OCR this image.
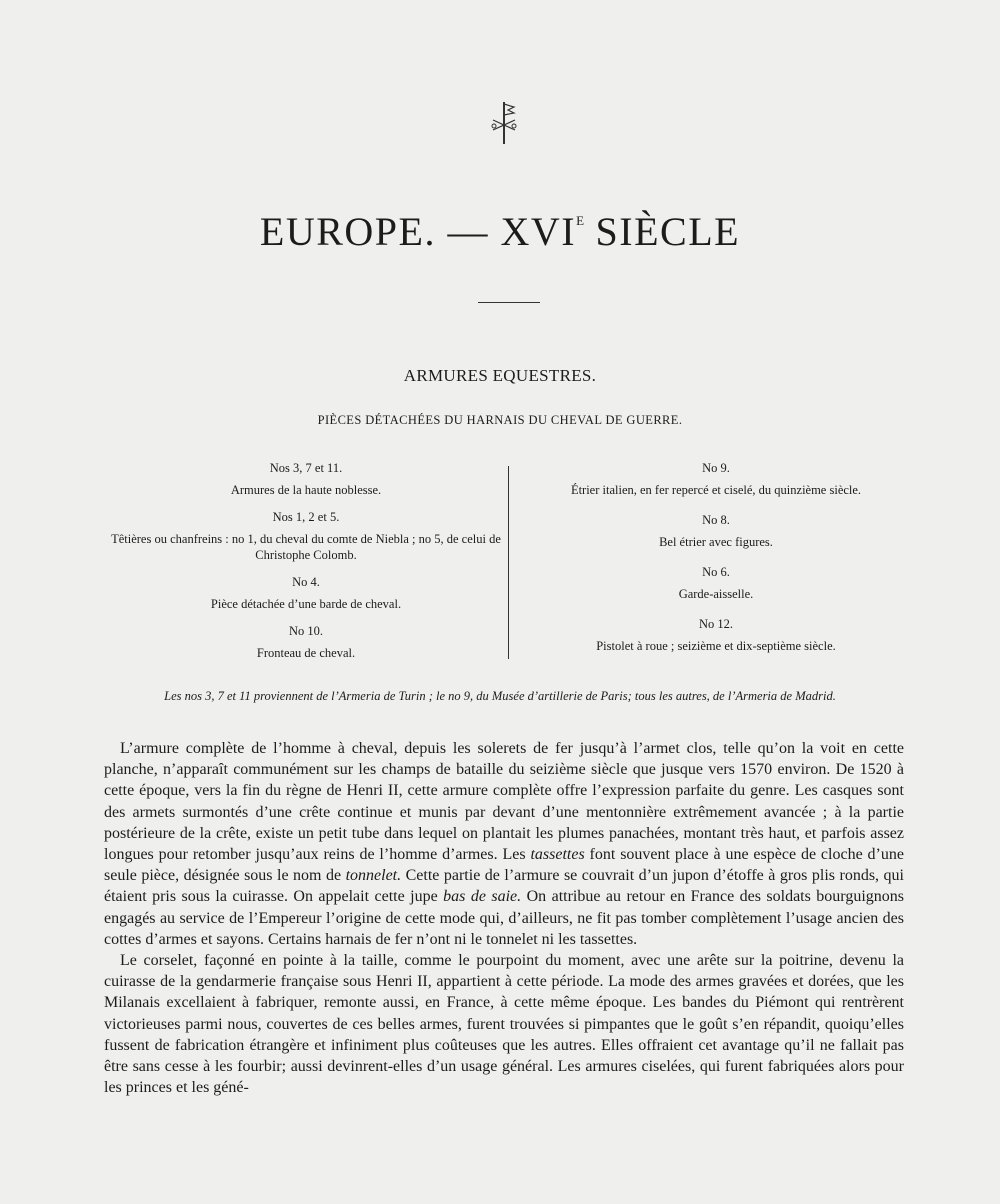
EUROPE. — $XVI^E$ SIÈCLE
ARMURES EQUESTRES.
PIÈCES DÉTACHÉES DU HARNAIS DU CHEVAL DE GUERRE.
Nos 3, 7 et 11.
Armures de la haute noblesse.
Nos 1, 2 et 5.
Têtières ou chanfreins : no 1, du cheval du comte de Niebla ; no 5, de celui de Christophe Colomb.
No 4.
Pièce détachée d’une barde de cheval.
No 10.
Fronteau de cheval.
No 9.
Étrier italien, en fer reperсé et ciselé, du quinzième siècle.
No 8.
Bel étrier avec figures.
No 6.
Garde-aisselle.
No 12.
Pistolet à roue ; seizième et dix-septième siècle.
Les nos 3, 7 et 11 proviennent de l’Armeria de Turin ; le no 9, du Musée d’artillerie de Paris; tous les autres, de l’Armeria de Madrid.

L’armure complète de l’homme à cheval, depuis les solerets de fer jusqu’à l’armet clos, telle qu’on la voit en cette planche, n’apparaît communément sur les champs de bataille du seizième siècle que jusque vers 1570 environ. De 1520 à cette époque, vers la fin du règne de Henri II, cette armure complète offre l’expression parfaite du genre. Les casques sont des armets surmontés d’une crête continue et munis par devant d’une mentonnière extrêmement avancée ; à la partie postérieure de la crête, existe un petit tube dans lequel on plantait les plumes panachées, montant très haut, et parfois assez longues pour retomber jusqu’aux reins de l’homme d’armes. Les tassettes font souvent place à une espèce de cloche d’une seule pièce, désignée sous le nom de tonnelet. Cette partie de l’armure se couvrait d’un jupon d’étoffe à gros plis ronds, qui étaient pris sous la cuirasse. On appelait cette jupe bas de saie. On attribue au retour en France des soldats bourguignons engagés au service de l’Empereur l’origine de cette mode qui, d’ailleurs, ne fit pas tomber complètement l’usage ancien des cottes d’armes et sayons. Certains harnais de fer n’ont ni le tonnelet ni les tassettes.

Le corselet, façonné en pointe à la taille, comme le pourpoint du moment, avec une arête sur la poitrine, devenu la cuirasse de la gendarmerie française sous Henri II, appartient à cette période. La mode des armes gravées et dorées, que les Milanais excellaient à fabriquer, remonte aussi, en France, à cette même époque. Les bandes du Piémont qui rentrèrent victorieuses parmi nous, couvertes de ces belles armes, furent trouvées si pimpantes que le goût s’en répandit, quoiqu’elles fussent de fabrication étrangère et infiniment plus coûteuses que les autres. Elles offraient cet avantage qu’il ne fallait pas être sans cesse à les fourbir; aussi devinrent-elles d’un usage général. Les armures ciselées, qui furent fabriquées alors pour les princes et les géné-
